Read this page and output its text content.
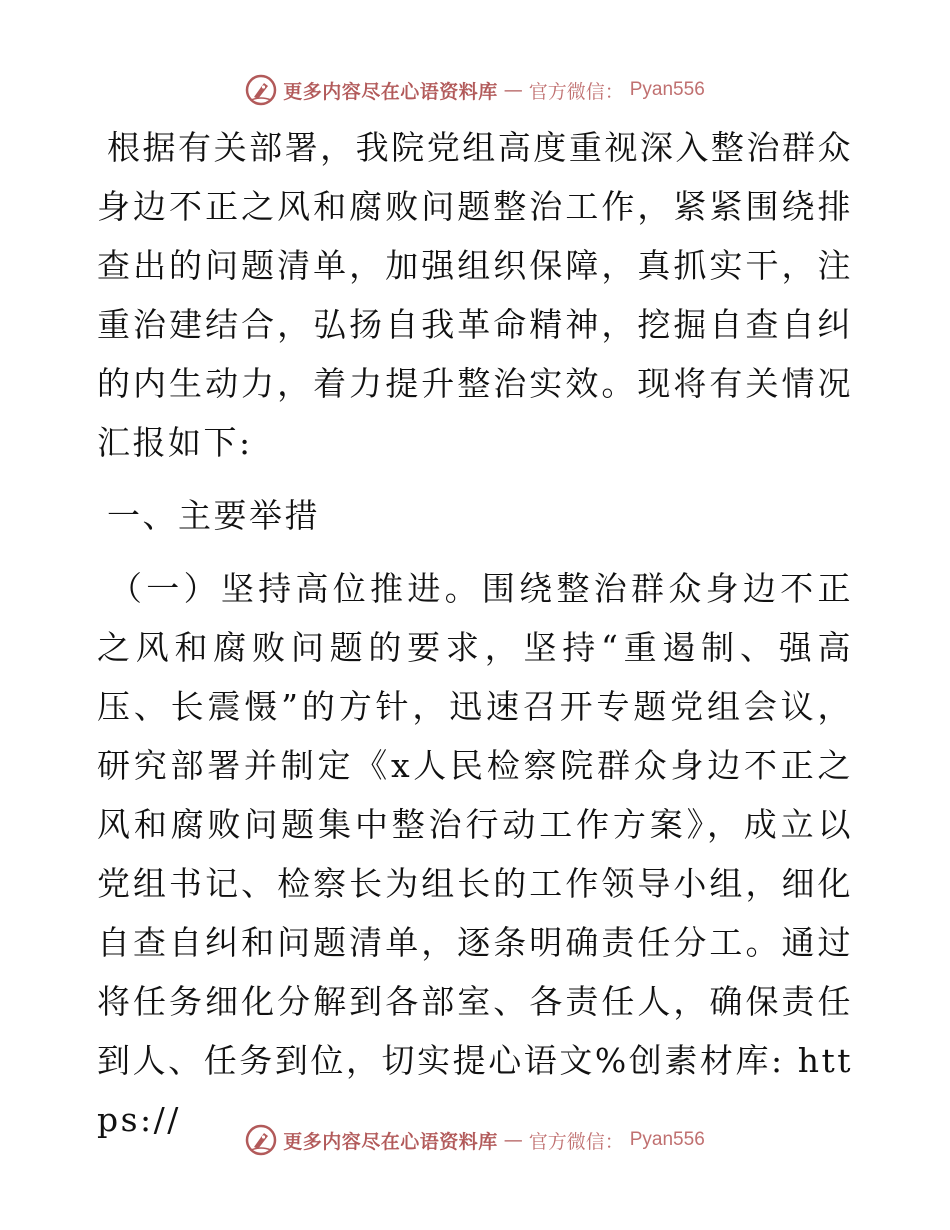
更多内容尽在心语资料库 — 官方微信： Pyan556

根据有关部署，我院党组高度重视深入整治群众身边不正之风和腐败问题整治工作，紧紧围绕排查出的问题清单，加强组织保障，真抓实干，注重治建结合，弘扬自我革命精神，挖掘自查自纠的内生动力，着力提升整治实效。现将有关情况汇报如下:

一、主要举措

（一）坚持高位推进。围绕整治群众身边不正之风和腐败问题的要求，坚持“重遏制、强高压、长震慑”的方针，迅速召开专题党组会议，研究部署并制定《x人民检察院群众身边不正之风和腐败问题集中整治行动工作方案》，成立以党组书记、检察长为组长的工作领导小组，细化自查自纠和问题清单，逐条明确责任分工。通过将任务细化分解到各部室、各责任人，确保责任到人、任务到位，切实提心语文%创素材库: https://

更多内容尽在心语资料库 — 官方微信： Pyan556
